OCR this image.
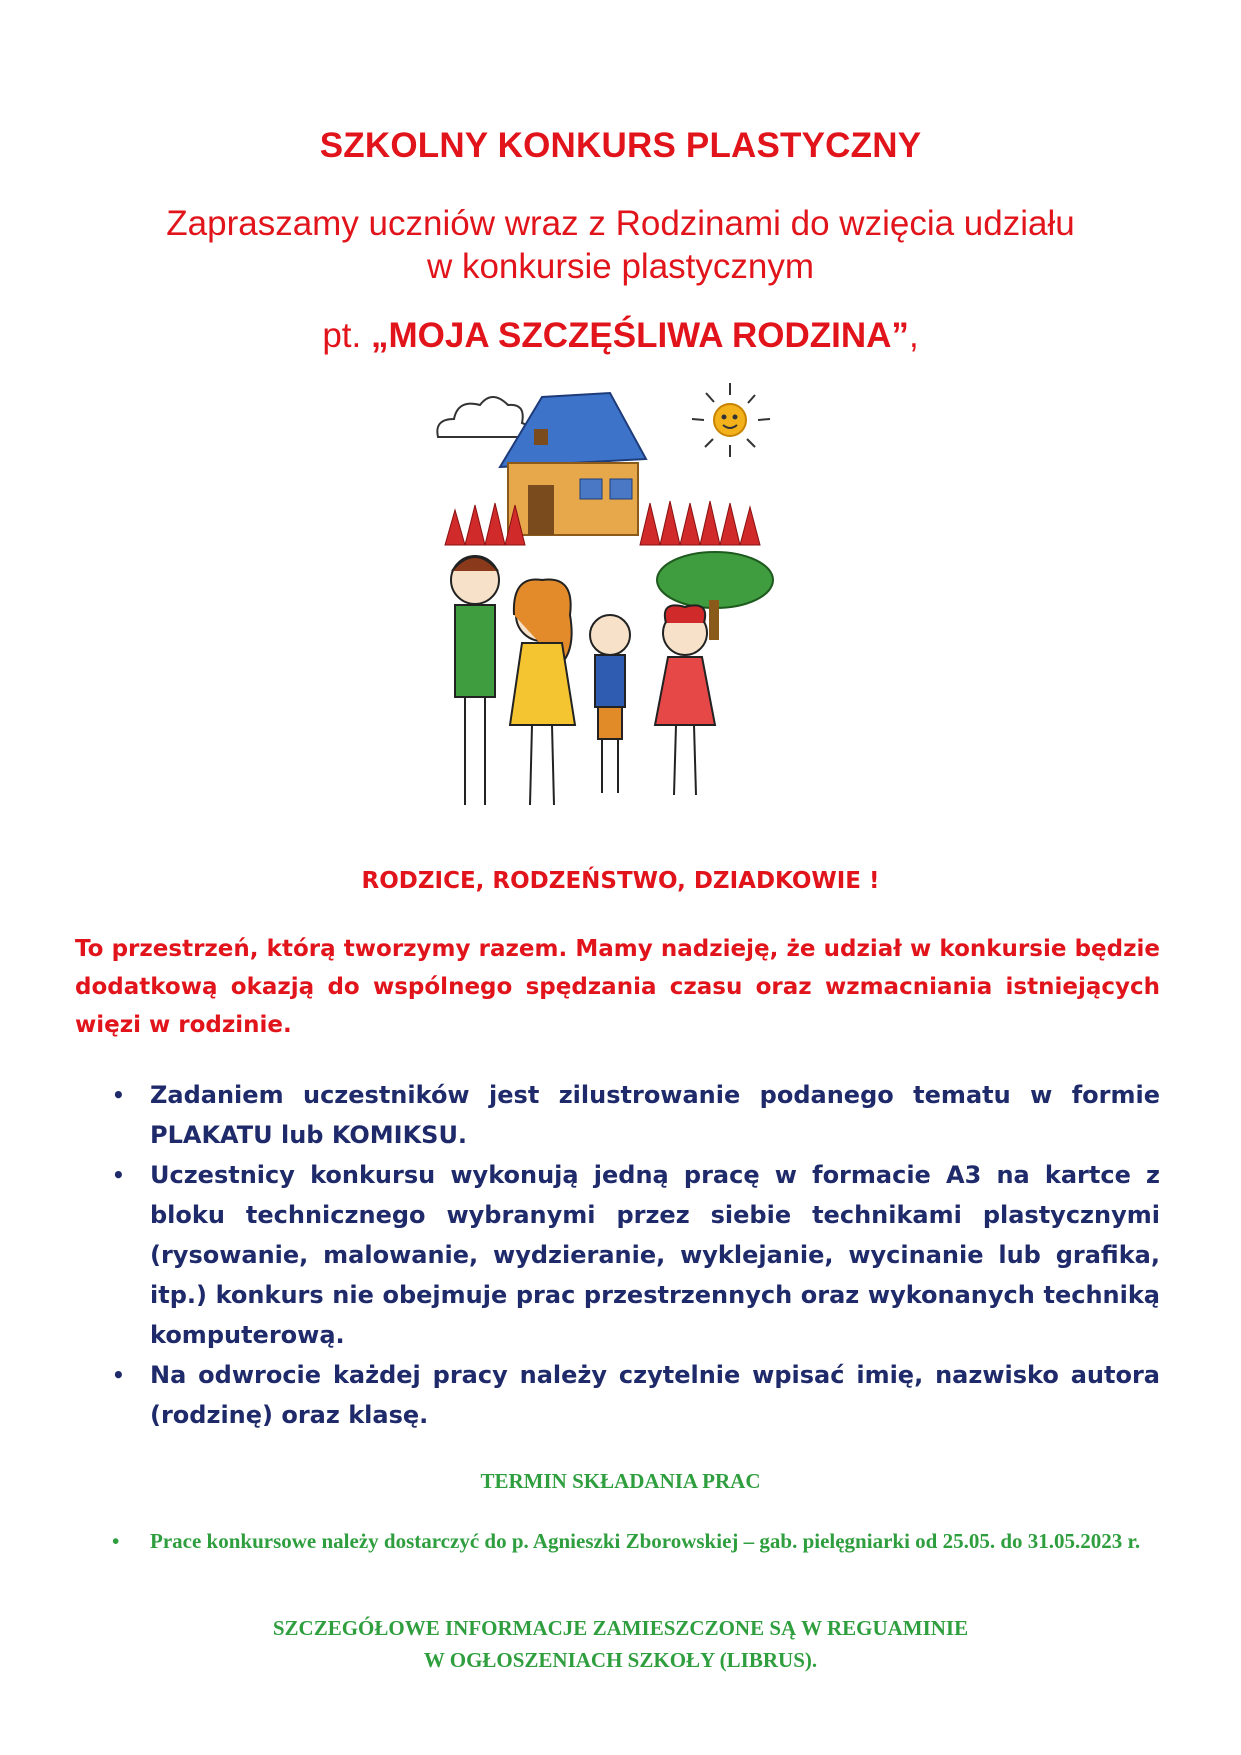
SZKOLNY KONKURS PLASTYCZNY

Zapraszamy uczniów wraz z Rodzinami do wzięcia udziału
w konkursie plastycznym

pt. „MOJA SZCZĘŚLIWA RODZINA”,

RODZICE, RODZEŃSTWO, DZIADKOWIE !

To przestrzeń, którą tworzymy razem. Mamy nadzieję, że udział w konkursie będzie dodatkową okazją do wspólnego spędzania czasu oraz wzmacniania istniejących więzi w rodzinie.

• Zadaniem uczestników jest zilustrowanie podanego tematu w formie PLAKATU lub KOMIKSU.
• Uczestnicy konkursu wykonują jedną pracę w formacie A3 na kartce z bloku technicznego wybranymi przez siebie technikami plastycznymi (rysowanie, malowanie, wydzieranie, wyklejanie, wycinanie lub grafika, itp.) konkurs nie obejmuje prac przestrzennych oraz wykonanych techniką komputerową.
• Na odwrocie każdej pracy należy czytelnie wpisać imię, nazwisko autora (rodzinę) oraz klasę.
TERMIN SKŁADANIA PRAC
• Prace konkursowe należy dostarczyć do p. Agnieszki Zborowskiej – gab. pielęgniarki od 25.05. do 31.05.2023 r.

SZCZEGÓŁOWE INFORMACJE ZAMIESZCZONE SĄ W REGUAMINIE
W OGŁOSZENIACH SZKOŁY (LIBRUS).
